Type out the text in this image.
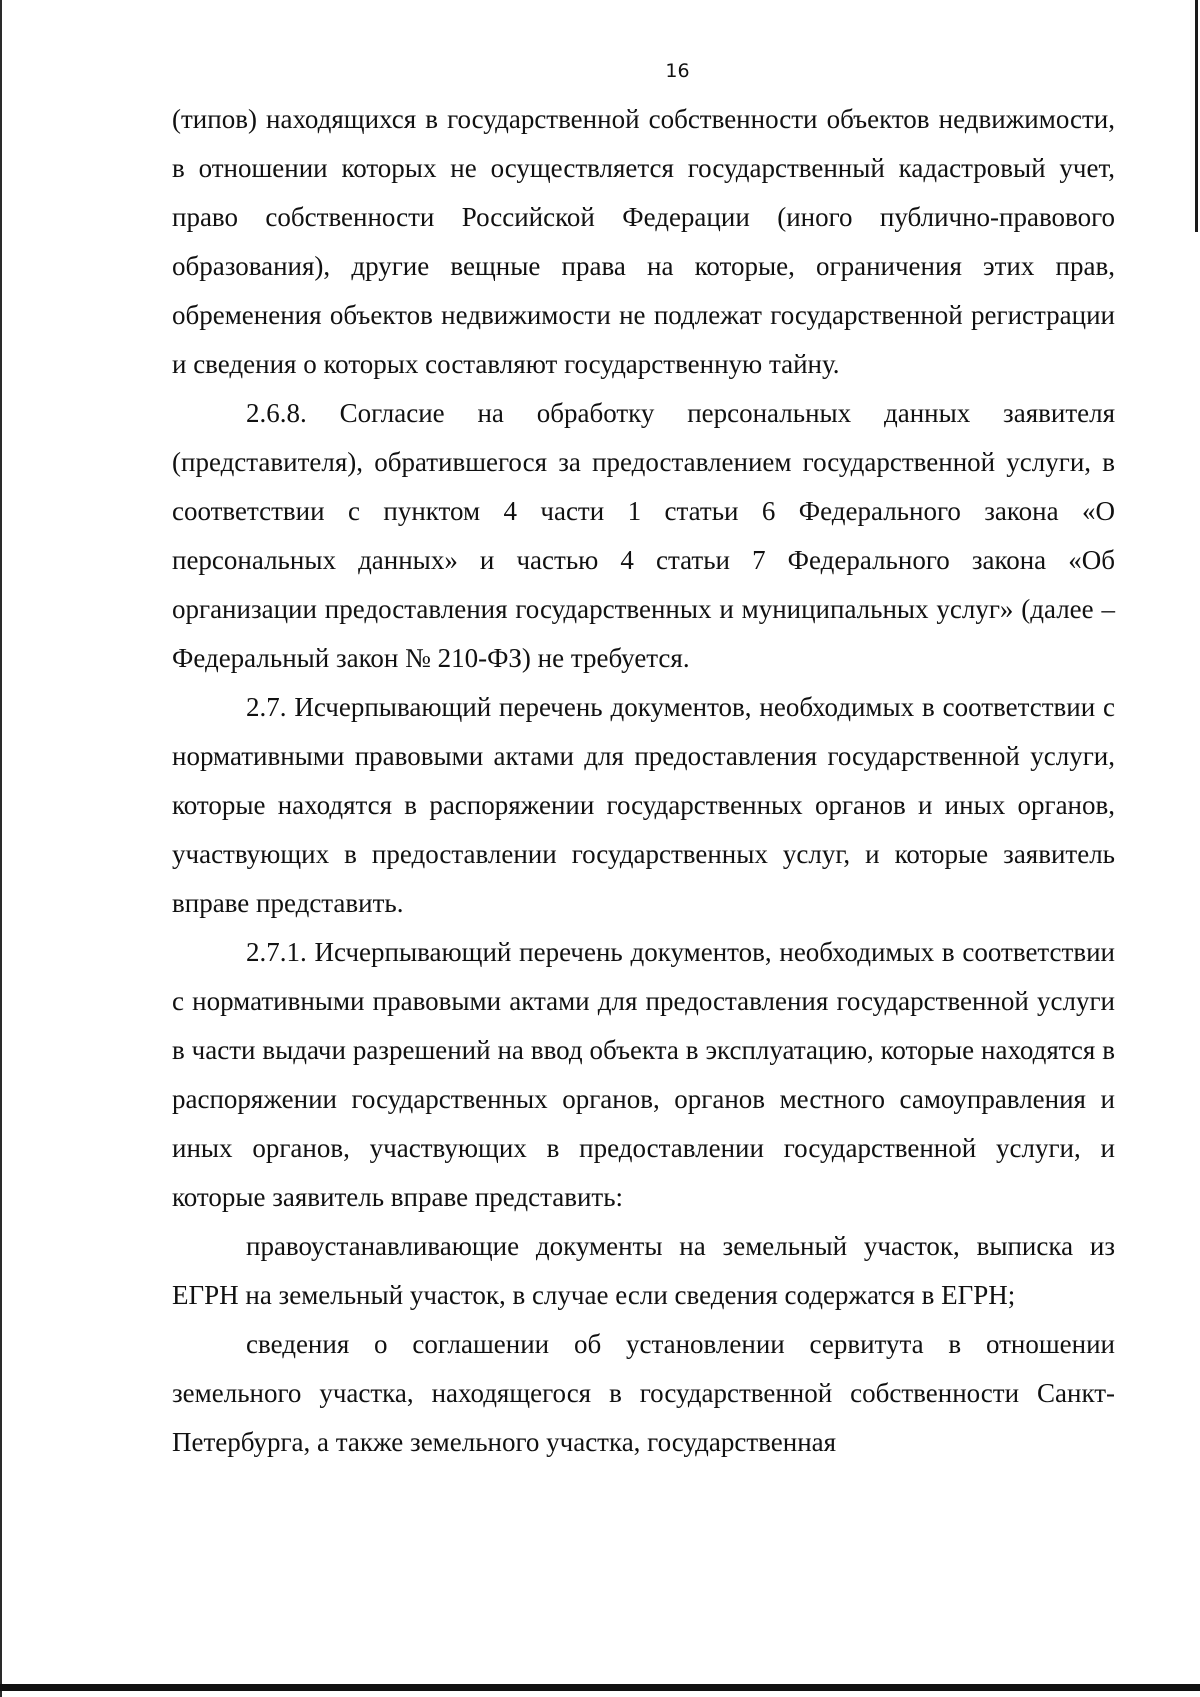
16

(типов) находящихся в государственной собственности объектов недвижимости, в отношении которых не осуществляется государственный кадастровый учет, право собственности Российской Федерации (иного публично-правового образования), другие вещные права на которые, ограничения этих прав, обременения объектов недвижимости не подлежат государственной регистрации и сведения о которых составляют государственную тайну.

2.6.8. Согласие на обработку персональных данных заявителя (представителя), обратившегося за предоставлением государственной услуги, в соответствии с пунктом 4 части 1 статьи 6 Федерального закона «О персональных данных» и частью 4 статьи 7 Федерального закона «Об организации предоставления государственных и муниципальных услуг» (далее – Федеральный закон № 210-ФЗ) не требуется.

2.7. Исчерпывающий перечень документов, необходимых в соответствии с нормативными правовыми актами для предоставления государственной услуги, которые находятся в распоряжении государственных органов и иных органов, участвующих в предоставлении государственных услуг, и которые заявитель вправе представить.

2.7.1. Исчерпывающий перечень документов, необходимых в соответствии с нормативными правовыми актами для предоставления государственной услуги в части выдачи разрешений на ввод объекта в эксплуатацию, которые находятся в распоряжении государственных органов, органов местного самоуправления и иных органов, участвующих в предоставлении государственной услуги, и которые заявитель вправе представить:

правоустанавливающие документы на земельный участок, выписка из ЕГРН на земельный участок, в случае если сведения содержатся в ЕГРН;

сведения о соглашении об установлении сервитута в отношении земельного участка, находящегося в государственной собственности Санкт-Петербурга, а также земельного участка, государственная
